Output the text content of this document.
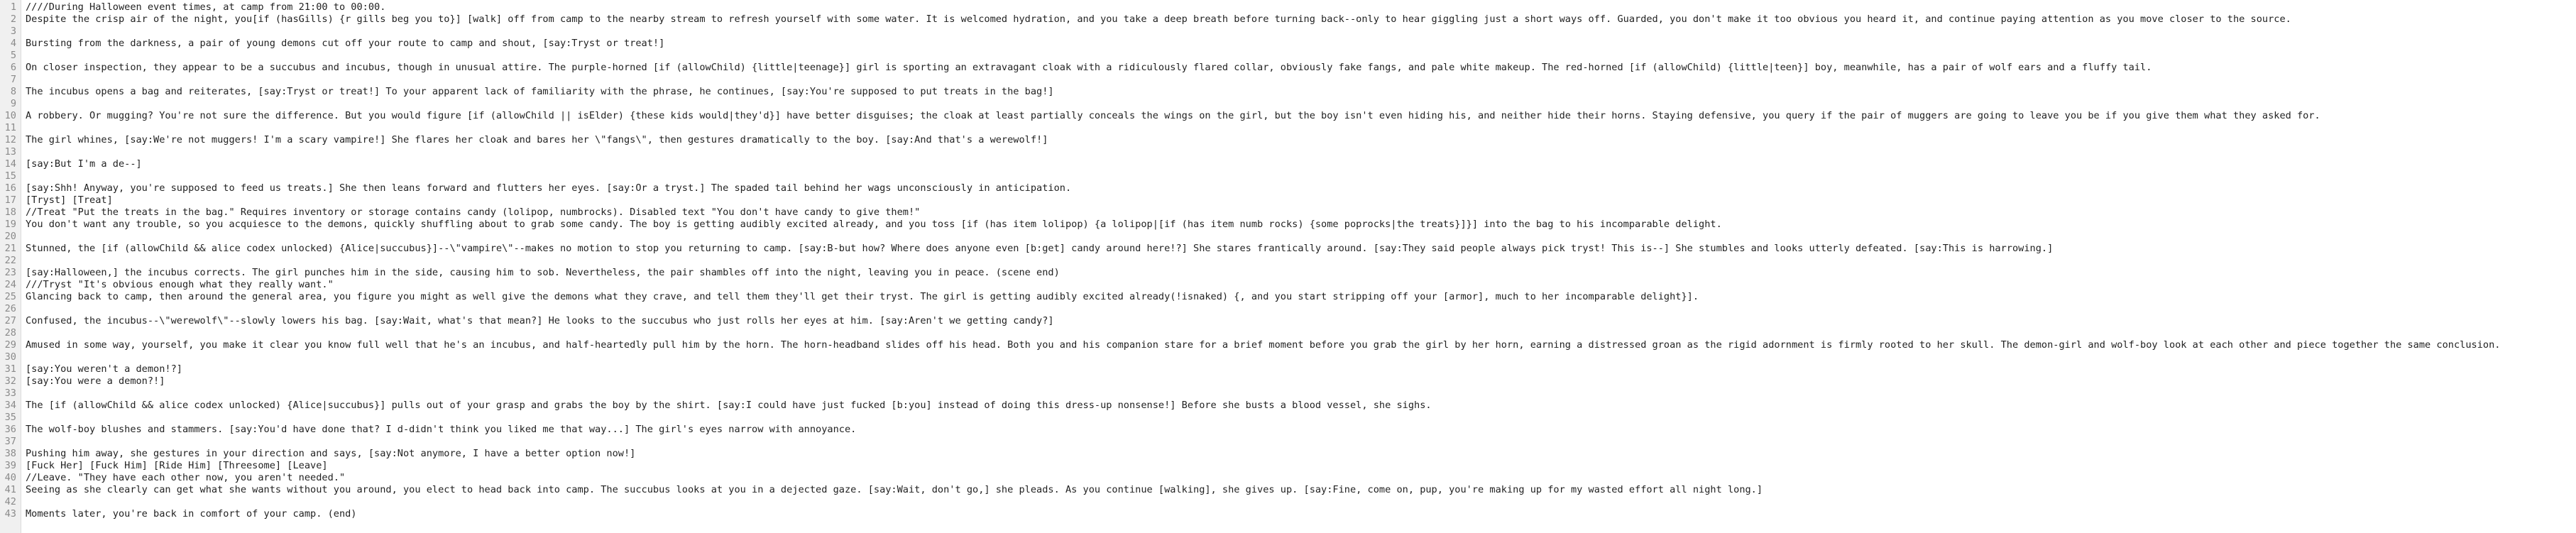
1
2
3
4
5
6
7
8
9
10
11
12
13
14
15
16
17
18
19
20
21
22
23
24
25
26
27
28
29
30
31
32
33
34
35
36
37
38
39
40
41
42
43
////During Halloween event times, at camp from 21:00 to 00:00.
Despite the crisp air of the night, you[if (hasGills) {r gills beg you to}] [walk] off from camp to the nearby stream to refresh yourself with some water. It is welcomed hydration, and you take a deep breath before turning back--only to hear giggling just a short ways off. Guarded, you don't make it too obvious you heard it, and continue paying attention as you move closer to the source.
Bursting from the darkness, a pair of young demons cut off your route to camp and shout, [say:Tryst or treat!]
On closer inspection, they appear to be a succubus and incubus, though in unusual attire. The purple-horned [if (allowChild) {little|teenage}] girl is sporting an extravagant cloak with a ridiculously flared collar, obviously fake fangs, and pale white makeup. The red-horned [if (allowChild) {little|teen}] boy, meanwhile, has a pair of wolf ears and a fluffy tail.
The incubus opens a bag and reiterates, [say:Tryst or treat!] To your apparent lack of familiarity with the phrase, he continues, [say:You're supposed to put treats in the bag!]
A robbery. Or mugging? You're not sure the difference. But you would figure [if (allowChild || isElder) {these kids would|they'd}] have better disguises; the cloak at least partially conceals the wings on the girl, but the boy isn't even hiding his, and neither hide their horns. Staying defensive, you query if the pair of muggers are going to leave you be if you give them what they asked for.
The girl whines, [say:We're not muggers! I'm a scary vampire!] She flares her cloak and bares her \"fangs\", then gestures dramatically to the boy. [say:And that's a werewolf!]
[say:But I'm a de--]
[say:Shh! Anyway, you're supposed to feed us treats.] She then leans forward and flutters her eyes. [say:Or a tryst.] The spaded tail behind her wags unconsciously in anticipation.
[Tryst] [Treat]
//Treat "Put the treats in the bag." Requires inventory or storage contains candy (lolipop, numbrocks). Disabled text "You don't have candy to give them!"
You don't want any trouble, so you acquiesce to the demons, quickly shuffling about to grab some candy. The boy is getting audibly excited already, and you toss [if (has item lolipop) {a lolipop|[if (has item numb rocks) {some poprocks|the treats}]}] into the bag to his incomparable delight.
Stunned, the [if (allowChild && alice codex unlocked) {Alice|succubus}]--\"vampire\"--makes no motion to stop you returning to camp. [say:B-but how? Where does anyone even [b:get] candy around here!?] She stares frantically around. [say:They said people always pick tryst! This is--] She stumbles and looks utterly defeated. [say:This is harrowing.]
[say:Halloween,] the incubus corrects. The girl punches him in the side, causing him to sob. Nevertheless, the pair shambles off into the night, leaving you in peace. (scene end)
///Tryst "It's obvious enough what they really want."
Glancing back to camp, then around the general area, you figure you might as well give the demons what they crave, and tell them they'll get their tryst. The girl is getting audibly excited already(!isnaked) {, and you start stripping off your [armor], much to her incomparable delight}].
Confused, the incubus--\"werewolf\"--slowly lowers his bag. [say:Wait, what's that mean?] He looks to the succubus who just rolls her eyes at him. [say:Aren't we getting candy?]
Amused in some way, yourself, you make it clear you know full well that he's an incubus, and half-heartedly pull him by the horn. The horn-headband slides off his head. Both you and his companion stare for a brief moment before you grab the girl by her horn, earning a distressed groan as the rigid adornment is firmly rooted to her skull. The demon-girl and wolf-boy look at each other and piece together the same conclusion.
[say:You weren't a demon!?]
[say:You were a demon?!]
The [if (allowChild && alice codex unlocked) {Alice|succubus}] pulls out of your grasp and grabs the boy by the shirt. [say:I could have just fucked [b:you] instead of doing this dress-up nonsense!] Before she busts a blood vessel, she sighs.
The wolf-boy blushes and stammers. [say:You'd have done that? I d-didn't think you liked me that way...] The girl's eyes narrow with annoyance.
Pushing him away, she gestures in your direction and says, [say:Not anymore, I have a better option now!]
[Fuck Her] [Fuck Him] [Ride Him] [Threesome] [Leave]
//Leave. "They have each other now, you aren't needed."
Seeing as she clearly can get what she wants without you around, you elect to head back into camp. The succubus looks at you in a dejected gaze. [say:Wait, don't go,] she pleads. As you continue [walking], she gives up. [say:Fine, come on, pup, you're making up for my wasted effort all night long.]
Moments later, you're back in comfort of your camp. (end)
